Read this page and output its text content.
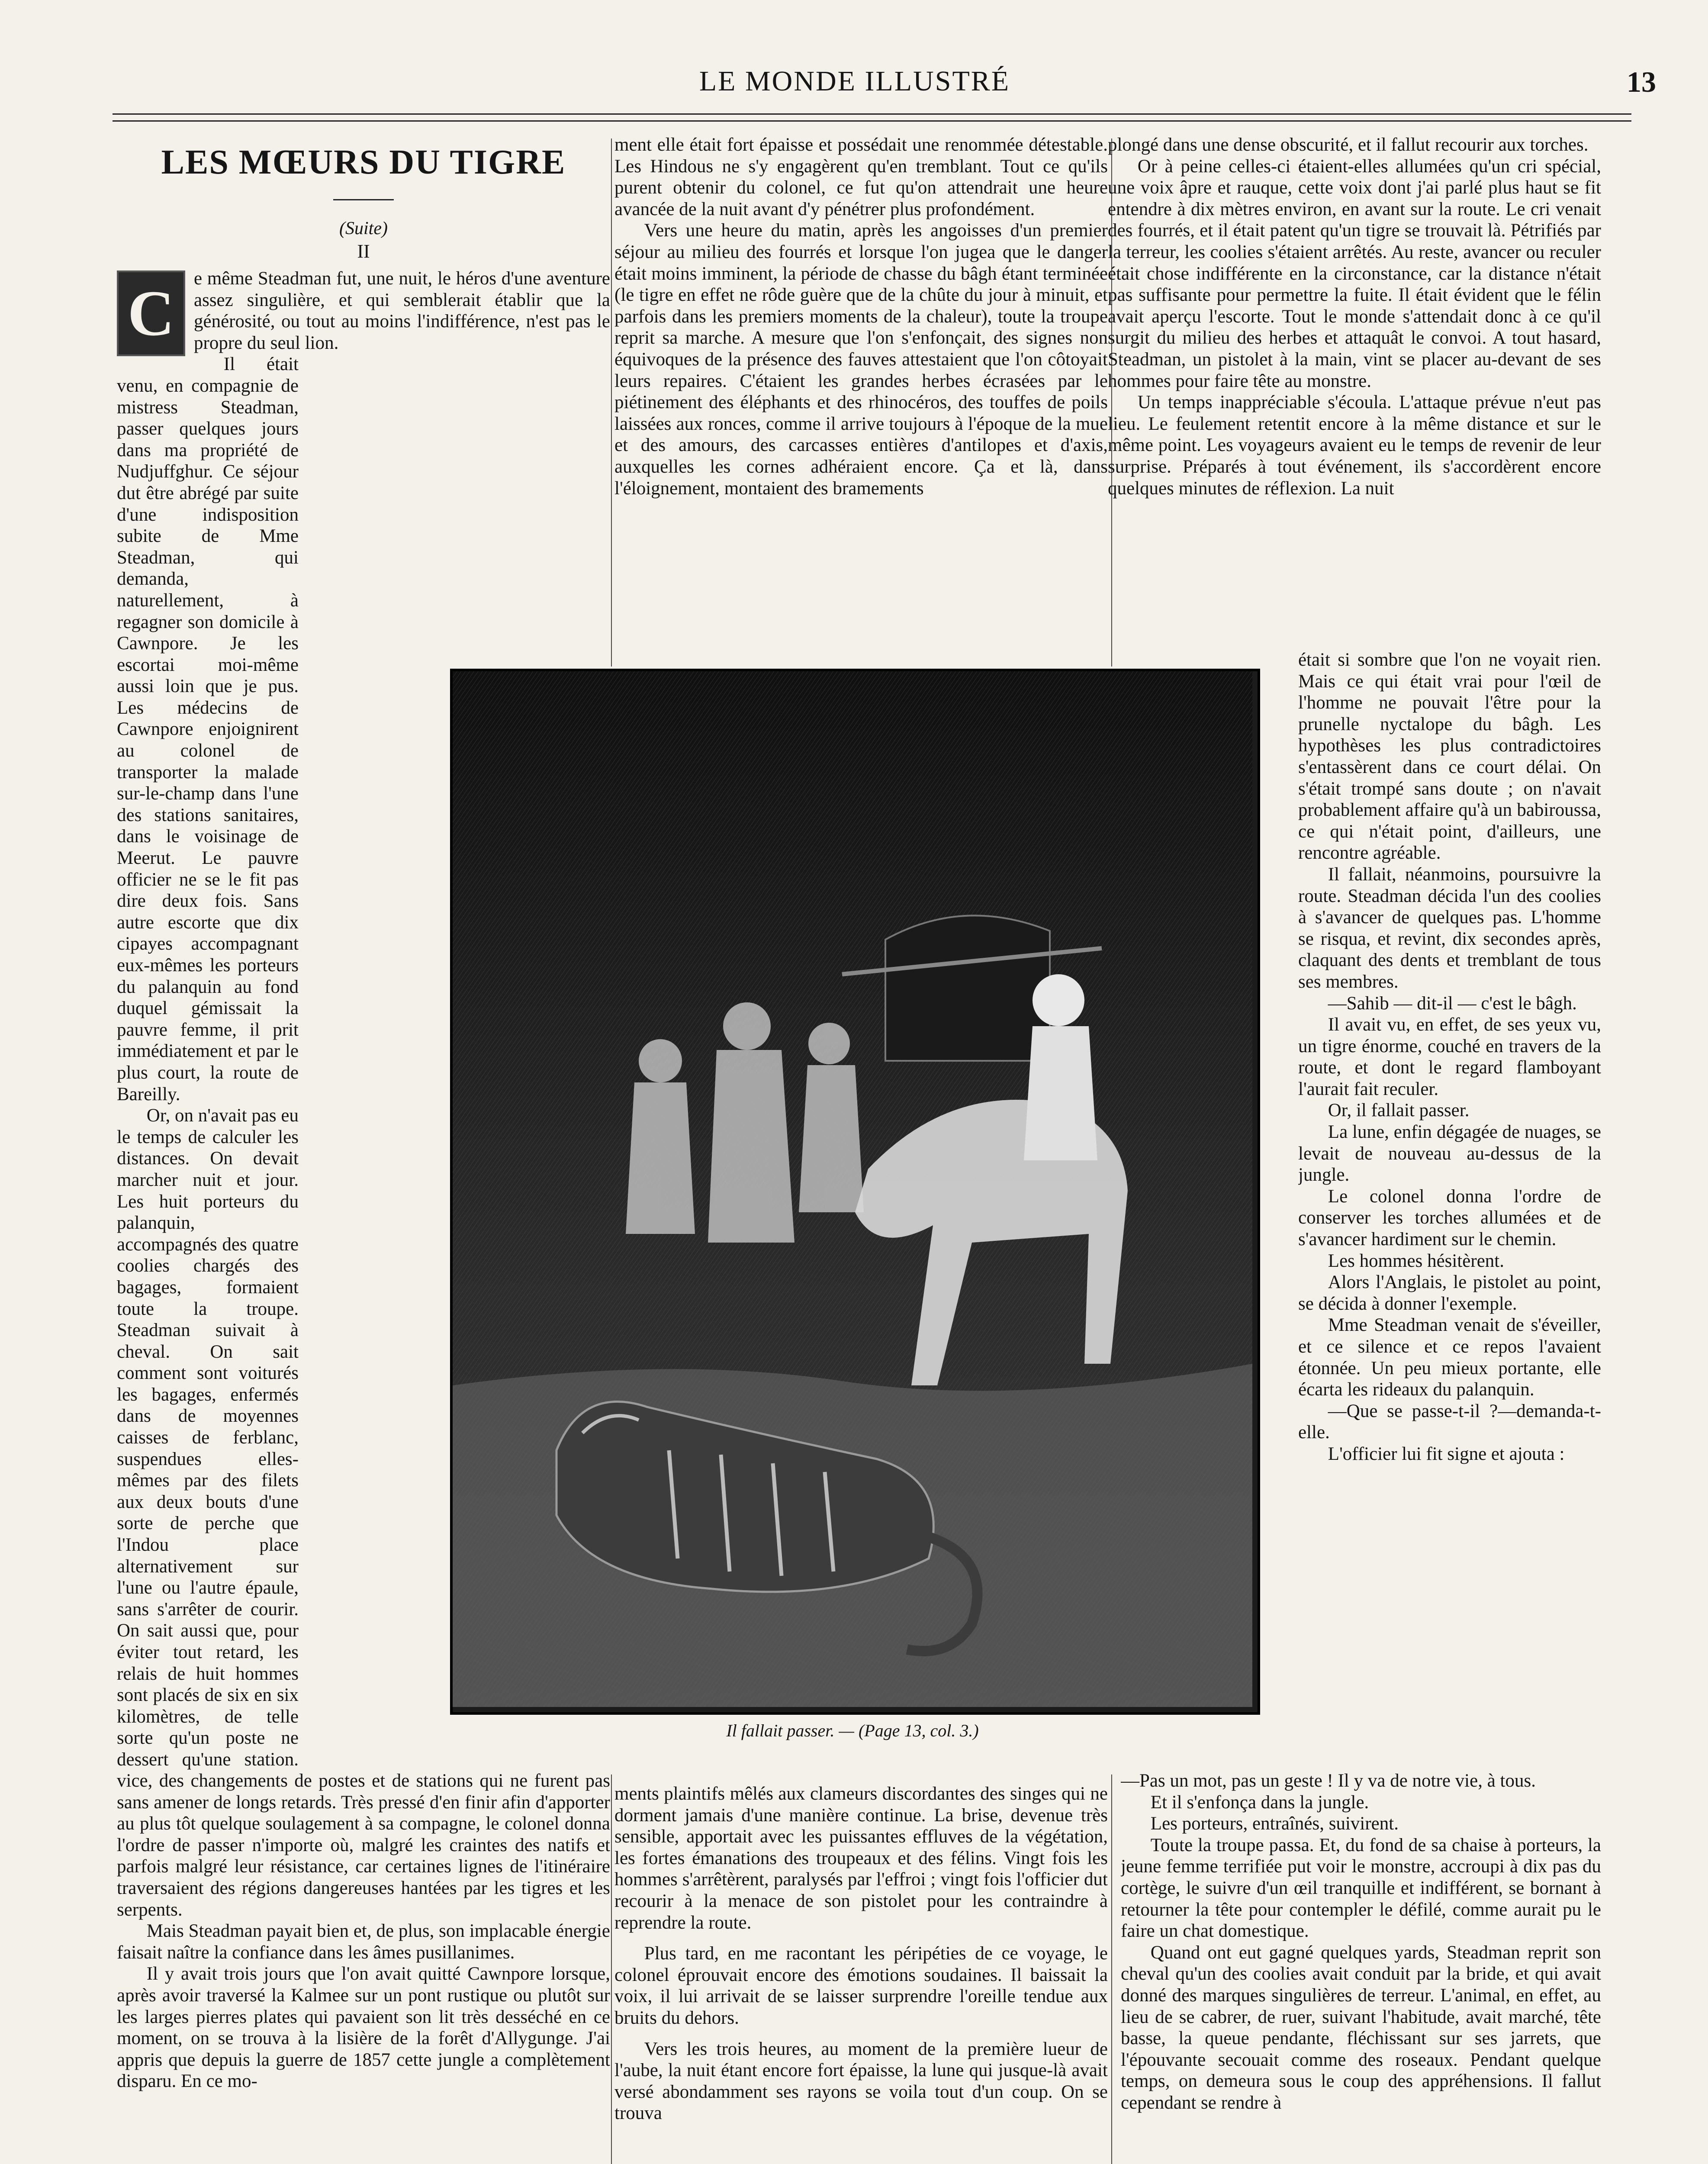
LE MONDE ILLUSTRÉ	13
LES MŒURS DU TIGRE
(Suite)
II
C	e même Steadman fut, une nuit, le héros d'une aventure assez singulière, et qui semblerait établir que la générosité, ou tout au moins l'indifférence, n'est pas le propre du seul lion.

Il était venu, en compagnie de mistress Steadman, passer quelques jours dans ma propriété de Nudjuffghur. Ce séjour dut être abrégé par suite d'une indisposition subite de Mme Steadman, qui demanda, naturellement, à regagner son domicile à Cawnpore. Je les escortai moi-même aussi loin que je pus. Les médecins de Cawnpore enjoignirent au colonel de transporter la malade sur-le-champ dans l'une des stations sanitaires, dans le voisinage de Meerut. Le pauvre officier ne se le fit pas dire deux fois. Sans autre escorte que dix cipayes accompagnant eux-mêmes les porteurs du palanquin au fond duquel gémissait la pauvre femme, il prit immédiatement et par le plus court, la route de Bareilly.

Or, on n'avait pas eu le temps de calculer les distances. On devait marcher nuit et jour. Les huit porteurs du palanquin, accompagnés des quatre coolies chargés des bagages, formaient toute la troupe. Steadman suivait à cheval. On sait comment sont voiturés les bagages, enfermés dans de moyennes caisses de ferblanc, suspendues elles-mêmes par des filets aux deux bouts d'une sorte de perche que l'Indou place alternativement sur l'une ou l'autre épaule, sans s'arrêter de courir. On sait aussi que, pour éviter tout retard, les relais de huit hommes sont placés de six en six kilomètres, de telle sorte qu'un poste ne dessert qu'une station.

vice, des changements de postes et de stations qui ne furent pas sans amener de longs retards. Très pressé d'en finir afin d'apporter au plus tôt quelque soulagement à sa compagne, le colonel donna l'ordre de passer n'importe où, malgré les craintes des natifs et parfois malgré leur résistance, car certaines lignes de l'itinéraire traversaient des régions dangereuses hantées par les tigres et les serpents.

Mais Steadman payait bien et, de plus, son implacable énergie faisait naître la confiance dans les âmes pusillanimes.

Il y avait trois jours que l'on avait quitté Cawnpore lorsque, après avoir traversé la Kalmee sur un pont rustique ou plutôt sur les larges pierres plates qui pavaient son lit très desséché en ce moment, on se trouva à la lisière de la forêt d'Allygunge. J'ai appris que depuis la guerre de 1857 cette jungle a complètement disparu. En ce mo-

ment elle était fort épaisse et possédait une renommée détestable. Les Hindous ne s'y engagèrent qu'en tremblant. Tout ce qu'ils purent obtenir du colonel, ce fut qu'on attendrait une heure avancée de la nuit avant d'y pénétrer plus profondément.

Vers une heure du matin, après les angoisses d'un premier séjour au milieu des fourrés et lorsque l'on jugea que le danger était moins imminent, la période de chasse du bâgh étant terminée (le tigre en effet ne rôde guère que de la chûte du jour à minuit, et parfois dans les premiers moments de la chaleur), toute la troupe reprit sa marche. A mesure que l'on s'enfonçait, des signes non équivoques de la présence des fauves attestaient que l'on côtoyait leurs repaires. C'étaient les grandes herbes écrasées par le piétinement des éléphants et des rhinocéros, des touffes de poils laissées aux ronces, comme il arrive toujours à l'époque de la mue et des amours, des carcasses entières d'antilopes et d'axis, auxquelles les cornes adhéraient encore. Ça et là, dans l'éloignement, montaient des bramements

ments plaintifs mêlés aux clameurs discordantes des singes qui ne dorment jamais d'une manière continue. La brise, devenue très sensible, apportait avec les puissantes effluves de la végétation, les fortes émanations des troupeaux et des félins. Vingt fois les hommes s'arrêtèrent, paralysés par l'effroi ; vingt fois l'officier dut recourir à la menace de son pistolet pour les contraindre à reprendre la route.

Plus tard, en me racontant les péripéties de ce voyage, le colonel éprouvait encore des émotions soudaines. Il baissait la voix, il lui arrivait de se laisser surprendre l'oreille tendue aux bruits du dehors.

Vers les trois heures, au moment de la première lueur de l'aube, la nuit étant encore fort épaisse, la lune qui jusque-là avait versé abondamment ses rayons se voila tout d'un coup. On se trouva

plongé dans une dense obscurité, et il fallut recourir aux torches.

Or à peine celles-ci étaient-elles allumées qu'un cri spécial, une voix âpre et rauque, cette voix dont j'ai parlé plus haut se fit entendre à dix mètres environ, en avant sur la route. Le cri venait des fourrés, et il était patent qu'un tigre se trouvait là. Pétrifiés par la terreur, les coolies s'étaient arrêtés. Au reste, avancer ou reculer était chose indifférente en la circonstance, car la distance n'était pas suffisante pour permettre la fuite. Il était évident que le félin avait aperçu l'escorte. Tout le monde s'attendait donc à ce qu'il surgit du milieu des herbes et attaquât le convoi. A tout hasard, Steadman, un pistolet à la main, vint se placer au-devant de ses hommes pour faire tête au monstre.

Un temps inappréciable s'écoula. L'attaque prévue n'eut pas lieu. Le feulement retentit encore à la même distance et sur le même point. Les voyageurs avaient eu le temps de revenir de leur surprise. Préparés à tout événement, ils s'accordèrent encore quelques minutes de réflexion. La nuit

était si sombre que l'on ne voyait rien. Mais ce qui était vrai pour l'œil de l'homme ne pouvait l'être pour la prunelle nyctalope du bâgh. Les hypothèses les plus contradictoires s'entassèrent dans ce court délai. On s'était trompé sans doute ; on n'avait probablement affaire qu'à un babiroussa, ce qui n'était point, d'ailleurs, une rencontre agréable.

Il fallait, néanmoins, poursuivre la route. Steadman décida l'un des coolies à s'avancer de quelques pas. L'homme se risqua, et revint, dix secondes après, claquant des dents et tremblant de tous ses membres.

—Sahib — dit-il — c'est le bâgh.

Il avait vu, en effet, de ses yeux vu, un tigre énorme, couché en travers de la route, et dont le regard flamboyant l'aurait fait reculer.

Or, il fallait passer.

La lune, enfin dégagée de nuages, se levait de nouveau au-dessus de la jungle.

Le colonel donna l'ordre de conserver les torches allumées et de s'avancer hardiment sur le chemin.

Les hommes hésitèrent.

Alors l'Anglais, le pistolet au point, se décida à donner l'exemple.

Mme Steadman venait de s'éveiller, et ce silence et ce repos l'avaient étonnée. Un peu mieux portante, elle écarta les rideaux du palanquin.

—Que se passe-t-il ?—demanda-t-elle.

L'officier lui fit signe et ajouta :

—Pas un mot, pas un geste ! Il y va de notre vie, à tous.

Et il s'enfonça dans la jungle.

Les porteurs, entraînés, suivirent.

Toute la troupe passa. Et, du fond de sa chaise à porteurs, la jeune femme terrifiée put voir le monstre, accroupi à dix pas du cortège, le suivre d'un œil tranquille et indifférent, se bornant à retourner la tête pour contempler le défilé, comme aurait pu le faire un chat domestique.

Quand ont eut gagné quelques yards, Steadman reprit son cheval qu'un des coolies avait conduit par la bride, et qui avait donné des marques singulières de terreur. L'animal, en effet, au lieu de se cabrer, de ruer, suivant l'habitude, avait marché, tête basse, la queue pendante, fléchissant sur ses jarrets, que l'épouvante secouait comme des roseaux. Pendant quelque temps, on demeura sous le coup des appréhensions. Il fallut cependant se rendre à

Il fallait passer. — (Page 13, col. 3.)
